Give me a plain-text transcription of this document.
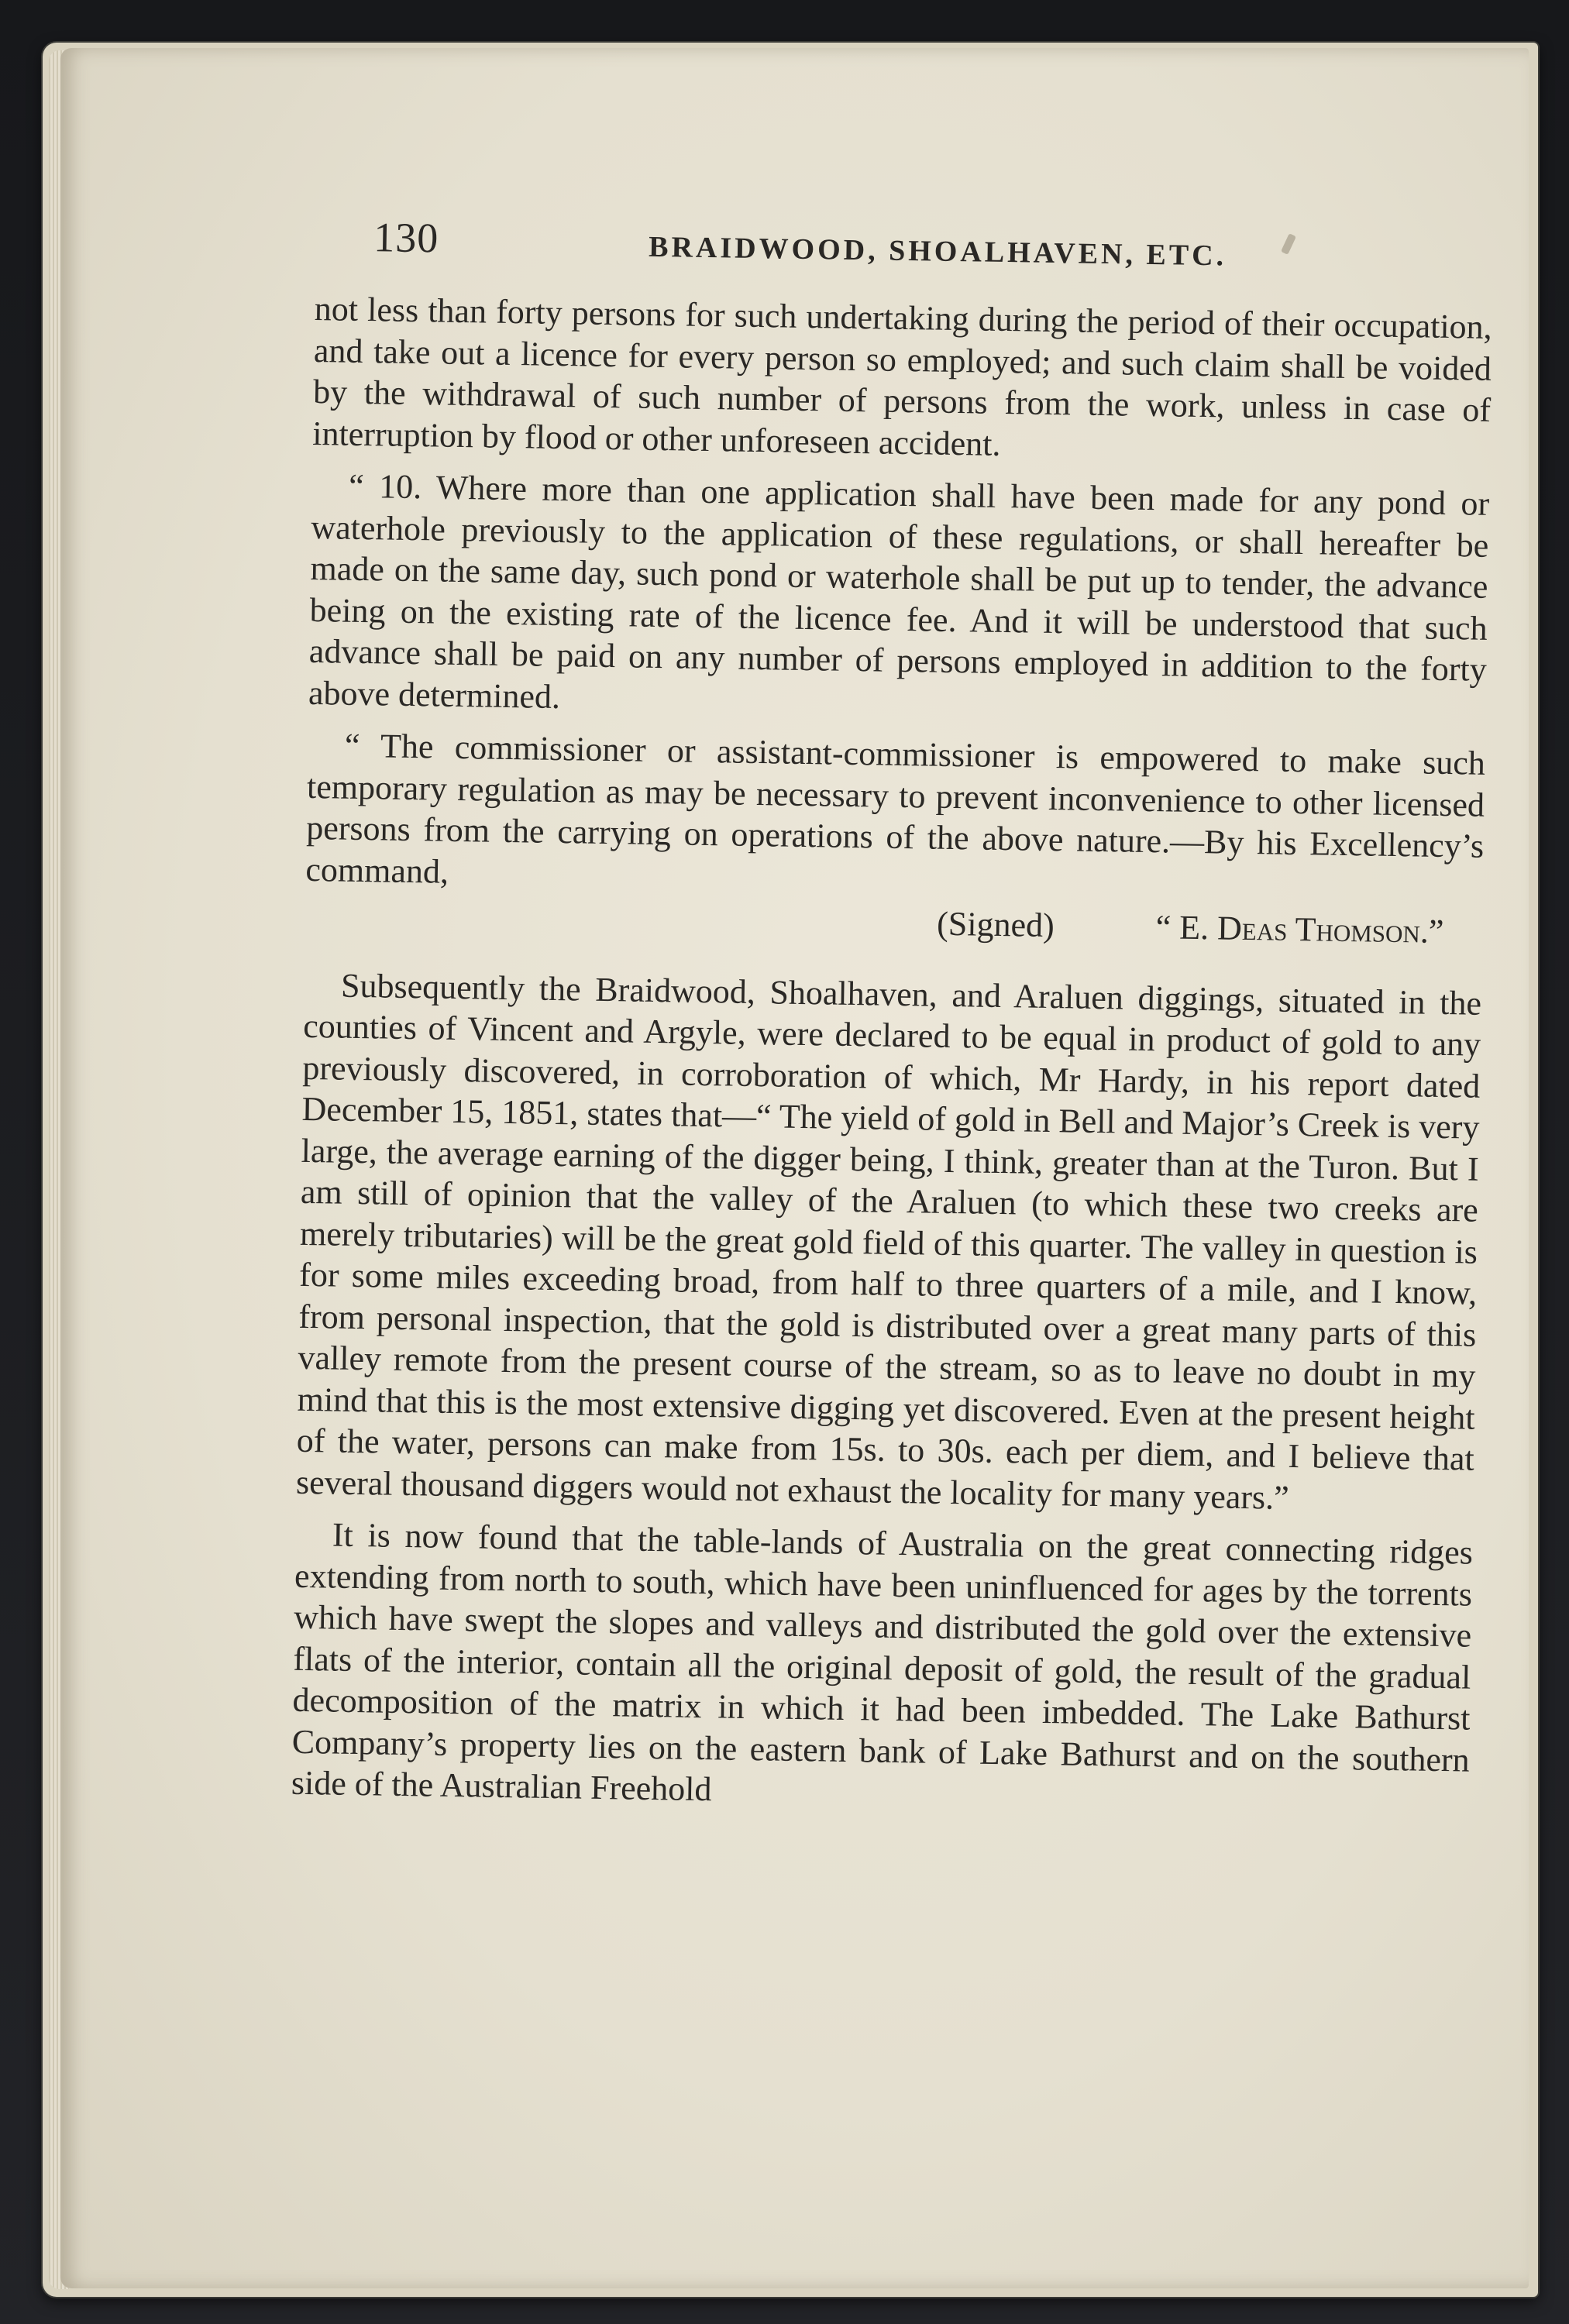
130	BRAIDWOOD, SHOALHAVEN, ETC.

not less than forty persons for such undertaking during the period of their occupation, and take out a licence for every person so employed; and such claim shall be voided by the withdrawal of such number of persons from the work, unless in case of interruption by flood or other unforeseen accident.

“ 10. Where more than one application shall have been made for any pond or waterhole previously to the application of these regulations, or shall hereafter be made on the same day, such pond or waterhole shall be put up to tender, the advance being on the existing rate of the licence fee. And it will be understood that such advance shall be paid on any number of persons employed in addition to the forty above determined.

“ The commissioner or assistant-commissioner is empowered to make such temporary regulation as may be necessary to prevent inconvenience to other licensed persons from the carrying on operations of the above nature.—By his Excellency’s command,

(Signed)	“ E. Deas Thomson.”

Subsequently the Braidwood, Shoalhaven, and Araluen diggings, situated in the counties of Vincent and Argyle, were declared to be equal in product of gold to any previously discovered, in corroboration of which, Mr Hardy, in his report dated December 15, 1851, states that—“ The yield of gold in Bell and Major’s Creek is very large, the average earning of the digger being, I think, greater than at the Turon. But I am still of opinion that the valley of the Araluen (to which these two creeks are merely tributaries) will be the great gold field of this quarter. The valley in question is for some miles exceeding broad, from half to three quarters of a mile, and I know, from personal inspection, that the gold is distributed over a great many parts of this valley remote from the present course of the stream, so as to leave no doubt in my mind that this is the most extensive digging yet discovered. Even at the present height of the water, persons can make from 15s. to 30s. each per diem, and I believe that several thousand diggers would not exhaust the locality for many years.”

It is now found that the table-lands of Australia on the great connecting ridges extending from north to south, which have been uninfluenced for ages by the torrents which have swept the slopes and valleys and distributed the gold over the extensive flats of the interior, contain all the original deposit of gold, the result of the gradual decomposition of the matrix in which it had been imbedded. The Lake Bathurst Company’s property lies on the eastern bank of Lake Bathurst and on the southern side of the Australian Freehold
